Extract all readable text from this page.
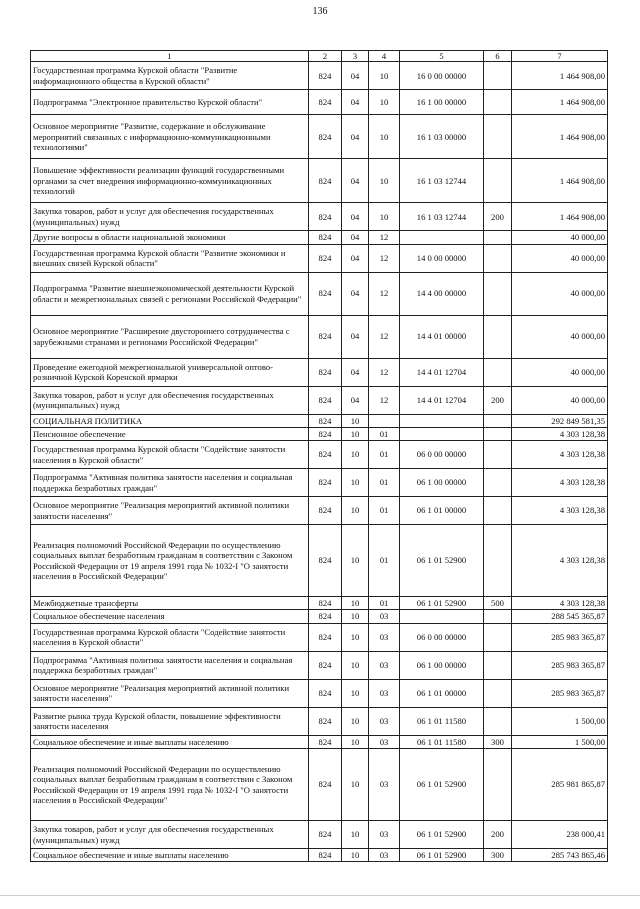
136
1	2	3	4	5	6	7
Государственная программа Курской области "Развитие информационного общества в Курской области"	824	04	10	16 0 00 00000		1 464 908,00
Подпрограмма "Электронное правительство Курской области"	824	04	10	16 1 00 00000		1 464 908,00
Основное мероприятие "Развитие, содержание и обслуживание мероприятий связанных с информационно-коммуникационными технологиями"	824	04	10	16 1 03 00000		1 464 908,00
Повышение эффективности реализации функций государственными органами за счет внедрения информационно-коммуникационных технологий	824	04	10	16 1 03 12744		1 464 908,00
Закупка товаров, работ и услуг для обеспечения государственных (муниципальных) нужд	824	04	10	16 1 03 12744	200	1 464 908,00
Другие вопросы в области национальной экономики	824	04	12			40 000,00
Государственная программа Курской области "Развитие экономики и внешних связей Курской области"	824	04	12	14 0 00 00000		40 000,00
Подпрограмма "Развитие внешнеэкономической деятельности Курской области и межрегиональных связей с регионами Российской Федерации"	824	04	12	14 4 00 00000		40 000,00
Основное мероприятие "Расширение двустороннего сотрудничества с зарубежными странами и регионами Российской Федерации"	824	04	12	14 4 01 00000		40 000,00
Проведение ежегодной межрегиональной универсальной оптово-розничной Курской Коренской ярмарки	824	04	12	14 4 01 12704		40 000,00
Закупка товаров, работ и услуг для обеспечения государственных (муниципальных) нужд	824	04	12	14 4 01 12704	200	40 000,00
СОЦИАЛЬНАЯ ПОЛИТИКА	824	10				292 849 581,35
Пенсионное обеспечение	824	10	01			4 303 128,38
Государственная программа Курской области "Содействие занятости населения в Курской области"	824	10	01	06 0 00 00000		4 303 128,38
Подпрограмма "Активная политика занятости населения и социальная поддержка безработных граждан"	824	10	01	06 1 00 00000		4 303 128,38
Основное мероприятие "Реализация мероприятий активной политики занятости населения"	824	10	01	06 1 01 00000		4 303 128,38
Реализация полномочий Российской Федерации по осуществлению социальных выплат безработным гражданам в соответствии с Законом Российской Федерации от 19 апреля 1991 года № 1032-I "О занятости населения в Российской Федерации"	824	10	01	06 1 01 52900		4 303 128,38
Межбюджетные трансферты	824	10	01	06 1 01 52900	500	4 303 128,38
Социальное обеспечение населения	824	10	03			288 545 365,87
Государственная программа Курской области "Содействие занятости населения в Курской области"	824	10	03	06 0 00 00000		285 983 365,87
Подпрограмма "Активная политика занятости населения и социальная поддержка безработных граждан"	824	10	03	06 1 00 00000		285 983 365,87
Основное мероприятие "Реализация мероприятий активной политики занятости населения"	824	10	03	06 1 01 00000		285 983 365,87
Развитие рынка труда Курской области, повышение эффективности занятости населения	824	10	03	06 1 01 11580		1 500,00
Социальное обеспечение и иные выплаты населению	824	10	03	06 1 01 11580	300	1 500,00
Реализация полномочий Российской Федерации по осуществлению социальных выплат безработным гражданам в соответствии с Законом Российской Федерации от 19 апреля 1991 года № 1032-I "О занятости населения в Российской Федерации"	824	10	03	06 1 01 52900		285 981 865,87
Закупка товаров, работ и услуг для обеспечения государственных (муниципальных) нужд	824	10	03	06 1 01 52900	200	238 000,41
Социальное обеспечение и иные выплаты населению	824	10	03	06 1 01 52900	300	285 743 865,46
